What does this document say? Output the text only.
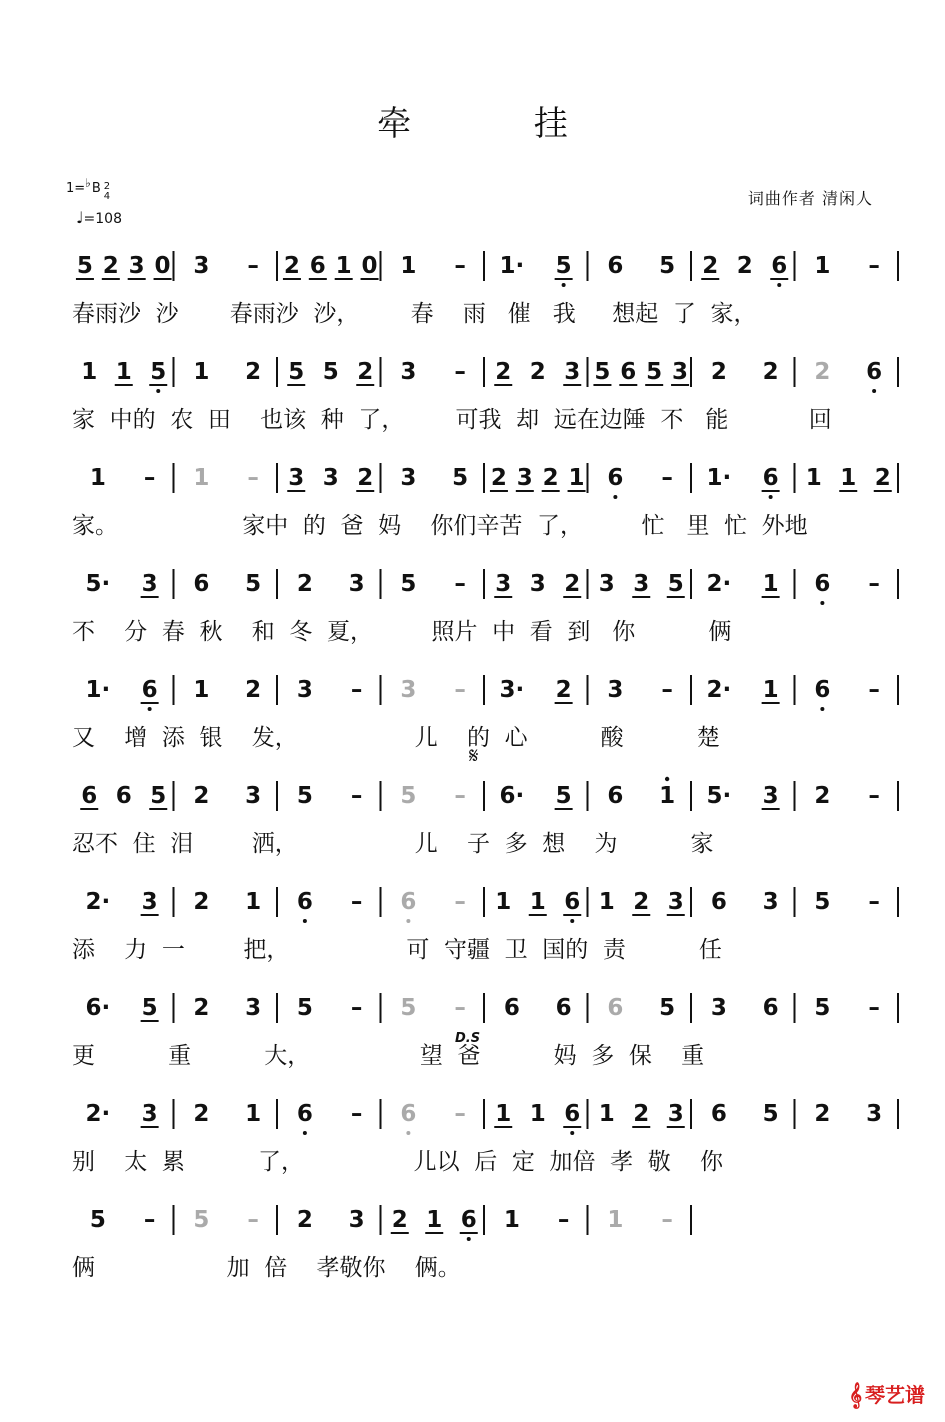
牵 挂
1=♭B 2
4
♩=108
词曲作者 清闲人
5 2 3 0 3 – 2 6 1 0 1 – 1· 5 6 5 2 2 6 1 –
1 1 5 1 2 5 5 2 3 – 2 2 3 5 6 5 3 2 2 2 6
1 – 1 – 3 3 2 3 5 2 3 2 1 6 – 1· 6 1 1 2
5· 3 6 5 2 3 5 – 3 3 2 3 3 5 2· 1 6 –
1· 6 1 2 3 – 3 – 3· 2 3 – 2· 1 6 –
6 6 5 2 3 5 – 5 – 6· 5 6 1 5· 3 2 –
2· 3 2 1 6 – 6 – 1 1 6 1 2 3 6 3 5 –
6· 5 2 3 5 – 5 – 6 6 6 5 3 6 5 –
2· 3 2 1 6 – 6 – 1 1 6 1 2 3 6 5 2 3
5 – 5 – 2 3 2 1 6 1 – 1 –
𝄋
D.S
春雨沙  沙       春雨沙  沙，       春    雨   催   我     想起  了  家，
家  中的  农  田    也该  种  了，       可我  却  远在边陲  不   能           回
家。                 家中  的  爸  妈    你们辛苦  了，        忙   里  忙  外地
不    分  春  秋    和  冬  夏，        照片  中  看  到   你          俩
又    增  添  银    发，                儿    的  心          酸          楚
忍不  住  泪        洒，                儿    子  多  想    为          家
添    力  一        把，                可  守疆  卫  国的  责          任
更          重          大，               望  爸          妈  多  保    重
别    太  累          了，               儿以  后  定  加倍  孝  敬    你
俩                  加  倍    孝敬你    俩。
𝄞 琴艺谱
